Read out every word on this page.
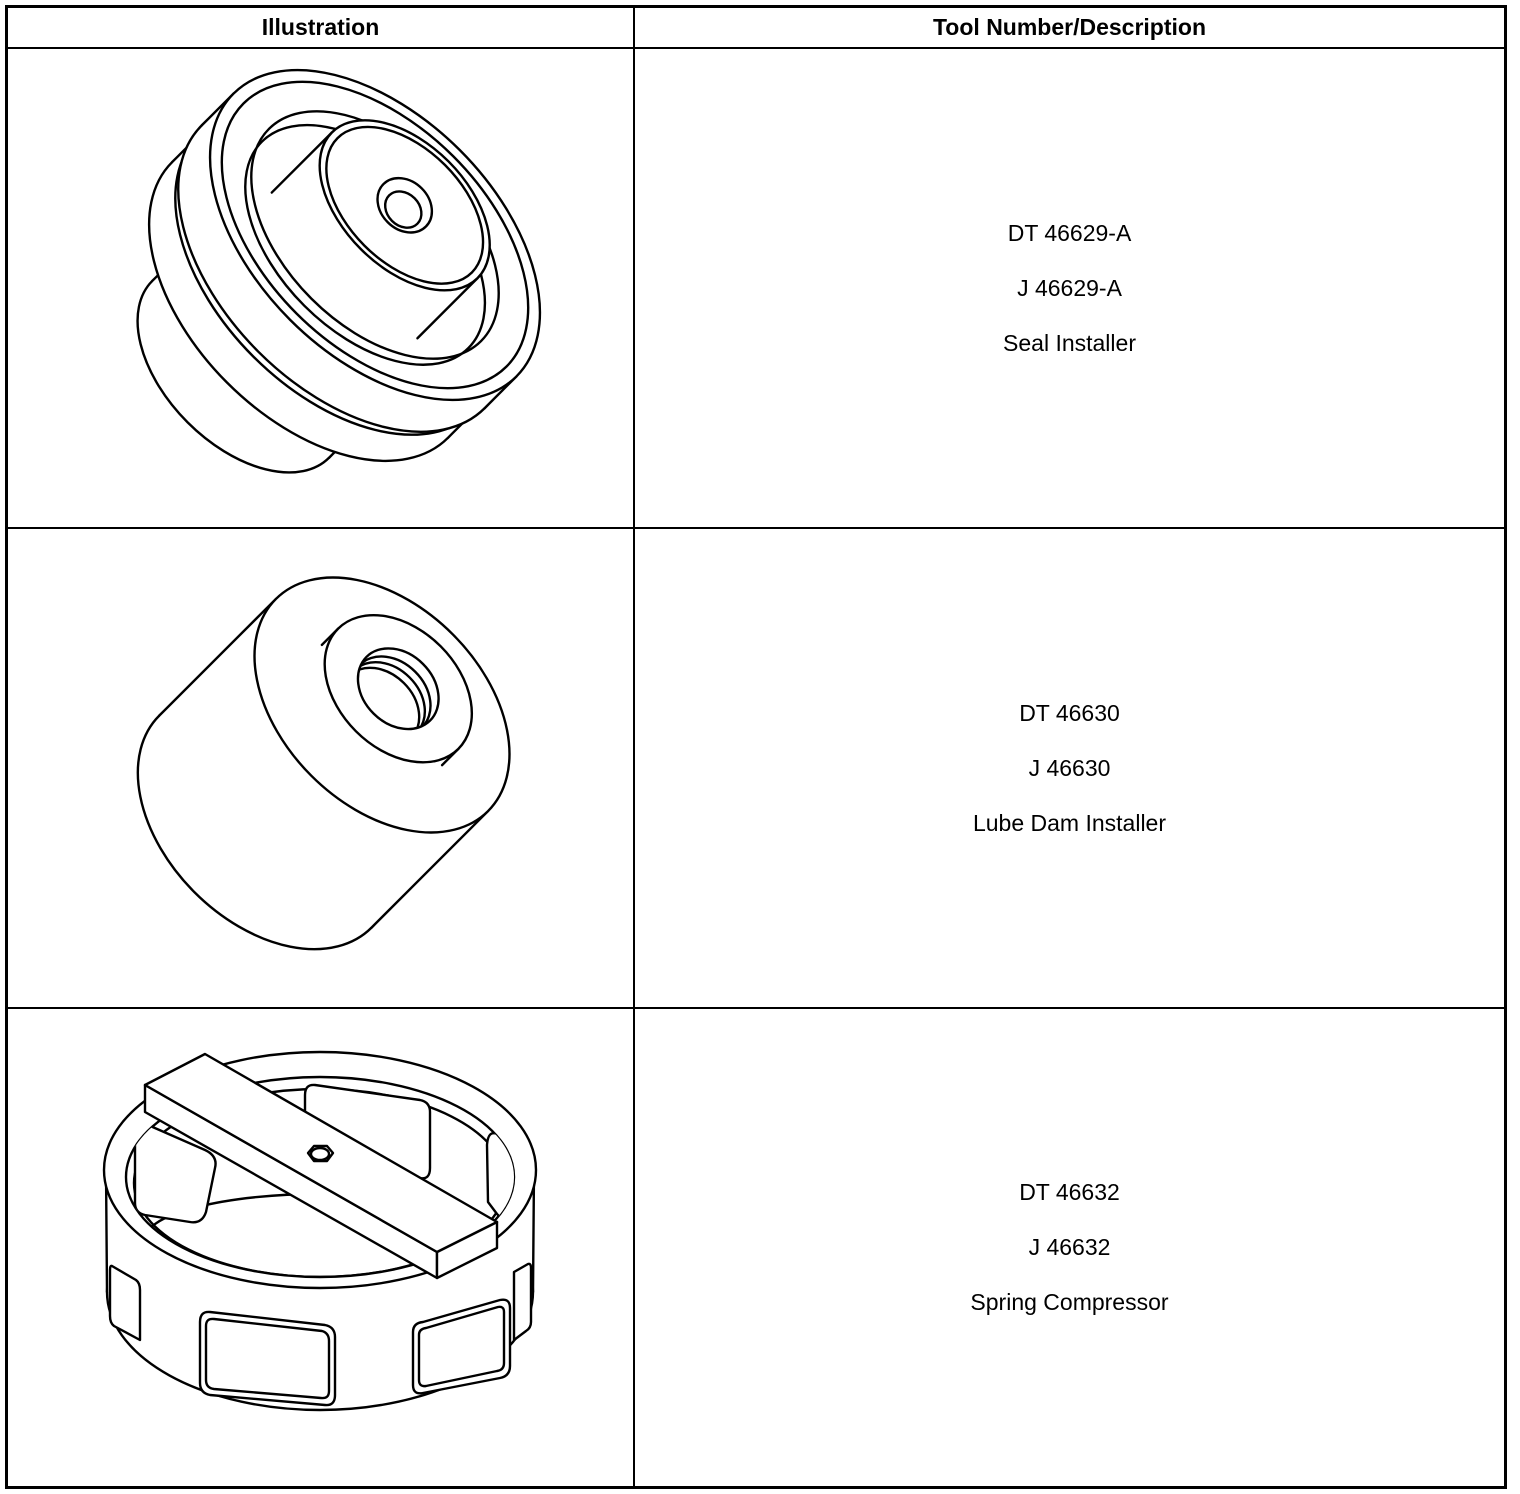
Illustration	Tool Number/Description
DT 46629-A
J 46629-A
Seal Installer
DT 46630
J 46630
Lube Dam Installer
DT 46632
J 46632
Spring Compressor
